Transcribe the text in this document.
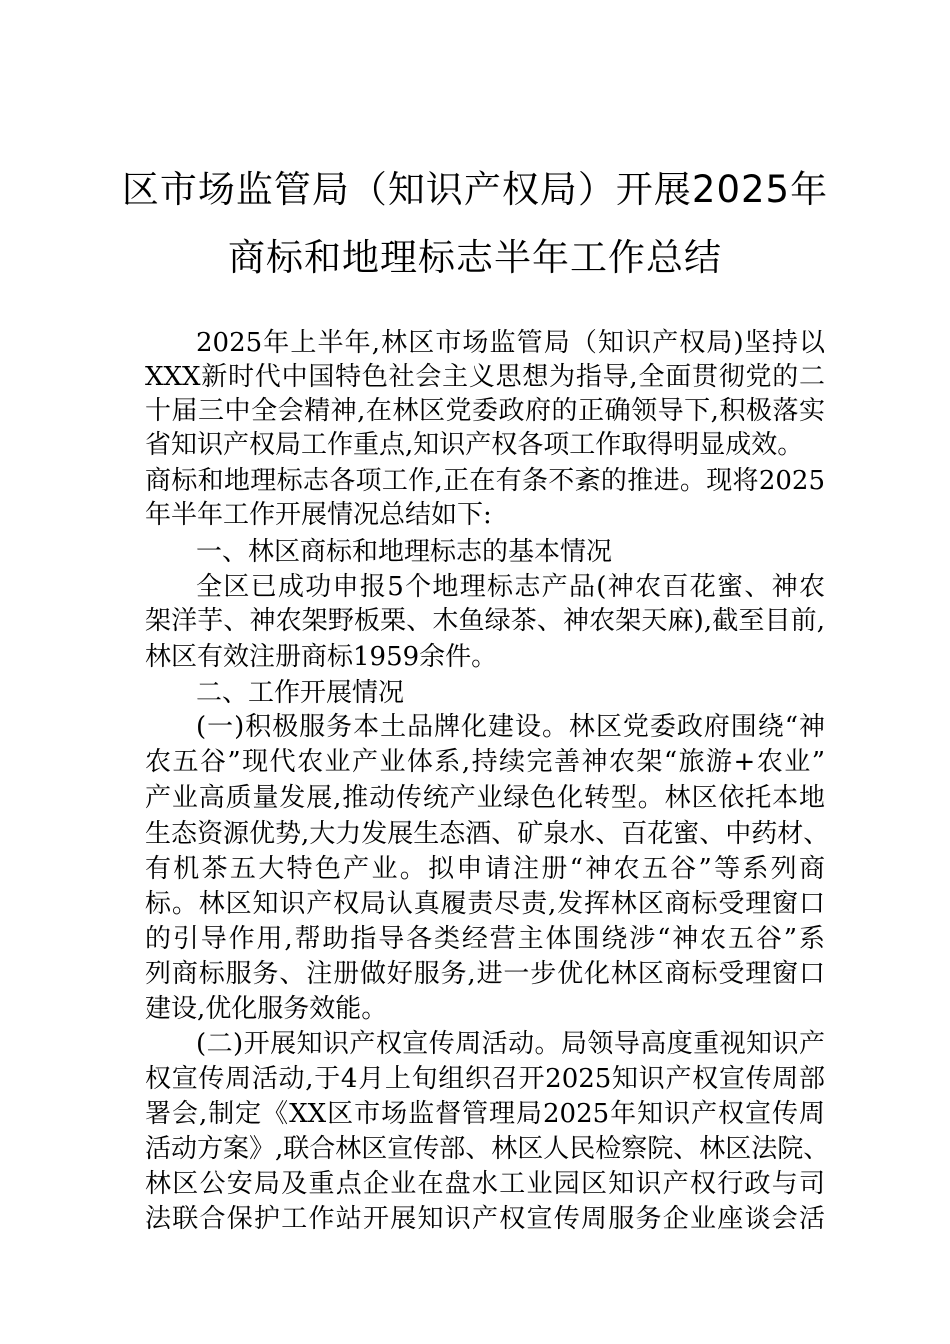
区市场监管局（知识产权局）开展2025年
商标和地理标志半年工作总结
2025年上半年,林区市场监管局（知识产权局)坚持以
XXX新时代中国特色社会主义思想为指导,全面贯彻党的二
十届三中全会精神,在林区党委政府的正确领导下,积极落实
省知识产权局工作重点,知识产权各项工作取得明显成效。
商标和地理标志各项工作,正在有条不紊的推进。现将2025
年半年工作开展情况总结如下:
一、林区商标和地理标志的基本情况
全区已成功申报5个地理标志产品(神农百花蜜、神农
架洋芋、神农架野板栗、木鱼绿茶、神农架天麻),截至目前,
林区有效注册商标1959余件。
二、工作开展情况
(一)积极服务本土品牌化建设。林区党委政府围绕“神
农五谷”现代农业产业体系,持续完善神农架“旅游+农业”
产业高质量发展,推动传统产业绿色化转型。林区依托本地
生态资源优势,大力发展生态酒、矿泉水、百花蜜、中药材、
有机茶五大特色产业。拟申请注册“神农五谷”等系列商
标。林区知识产权局认真履责尽责,发挥林区商标受理窗口
的引导作用,帮助指导各类经营主体围绕涉“神农五谷”系
列商标服务、注册做好服务,进一步优化林区商标受理窗口
建设,优化服务效能。
(二)开展知识产权宣传周活动。局领导高度重视知识产
权宣传周活动,于4月上旬组织召开2025知识产权宣传周部
署会,制定《XX区市场监督管理局2025年知识产权宣传周
活动方案》,联合林区宣传部、林区人民检察院、林区法院、
林区公安局及重点企业在盘水工业园区知识产权行政与司
法联合保护工作站开展知识产权宣传周服务企业座谈会活
